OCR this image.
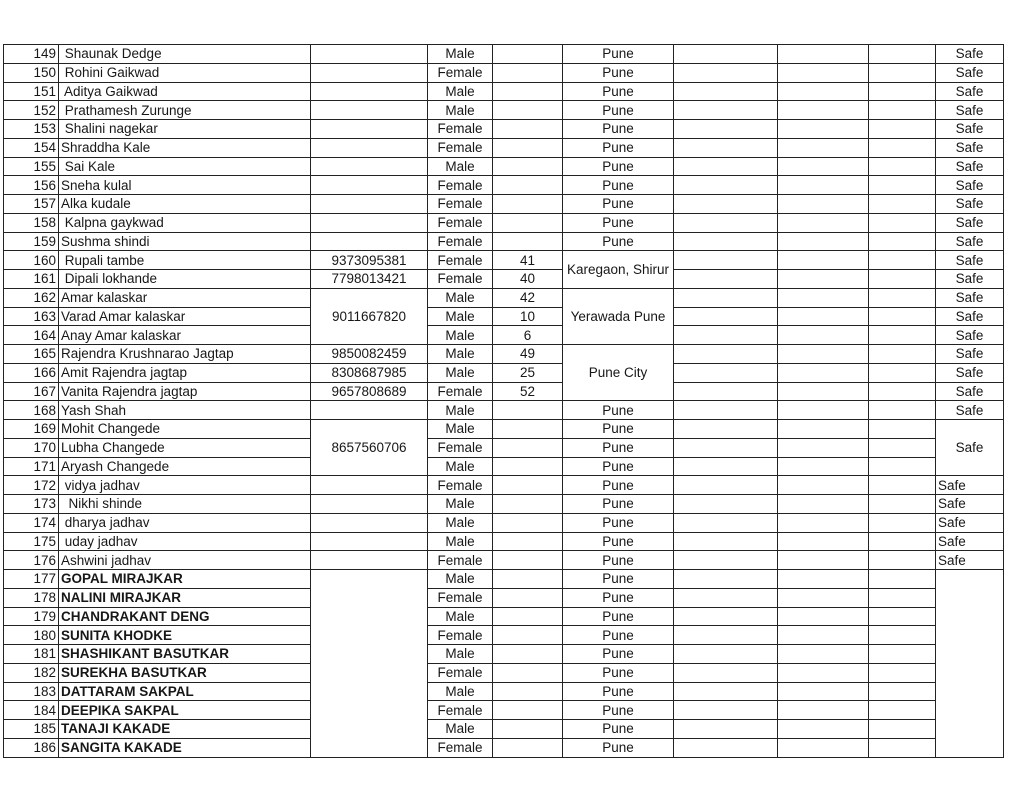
149	Shaunak Dedge		Male		Pune				Safe
150	Rohini Gaikwad		Female		Pune				Safe
151	Aditya Gaikwad		Male		Pune				Safe
152	Prathamesh Zurunge		Male		Pune				Safe
153	Shalini nagekar		Female		Pune				Safe
154	Shraddha Kale		Female		Pune				Safe
155	Sai Kale		Male		Pune				Safe
156	Sneha kulal		Female		Pune				Safe
157	Alka kudale		Female		Pune				Safe
158	Kalpna gaykwad		Female		Pune				Safe
159	Sushma shindi		Female		Pune				Safe
160	Rupali tambe	9373095381	Female	41	Karegaon, Shirur				Safe
161	Dipali lokhande	7798013421	Female	40					Safe
162	Amar kalaskar	9011667820	Male	42	Yerawada Pune				Safe
163	Varad Amar kalaskar		Male	10					Safe
164	Anay Amar kalaskar		Male	6					Safe
165	Rajendra Krushnarao Jagtap	9850082459	Male	49	Pune City				Safe
166	Amit Rajendra jagtap	8308687985	Male	25					Safe
167	Vanita Rajendra jagtap	9657808689	Female	52					Safe
168	Yash Shah		Male		Pune				Safe
169	Mohit Changede	8657560706	Male		Pune				Safe
170	Lubha Changede		Female		Pune				
171	Aryash Changede		Male		Pune				
172	vidya jadhav		Female		Pune				Safe
173	Nikhi shinde		Male		Pune				Safe
174	dharya jadhav		Male		Pune				Safe
175	uday jadhav		Male		Pune				Safe
176	Ashwini jadhav		Female		Pune				Safe
177	GOPAL MIRAJKAR		Male		Pune				
178	NALINI MIRAJKAR		Female		Pune				
179	CHANDRAKANT DENG		Male		Pune				
180	SUNITA KHODKE		Female		Pune				
181	SHASHIKANT BASUTKAR		Male		Pune				
182	SUREKHA BASUTKAR		Female		Pune				
183	DATTARAM SAKPAL		Male		Pune				
184	DEEPIKA SAKPAL		Female		Pune				
185	TANAJI KAKADE		Male		Pune				
186	SANGITA KAKADE		Female		Pune				
